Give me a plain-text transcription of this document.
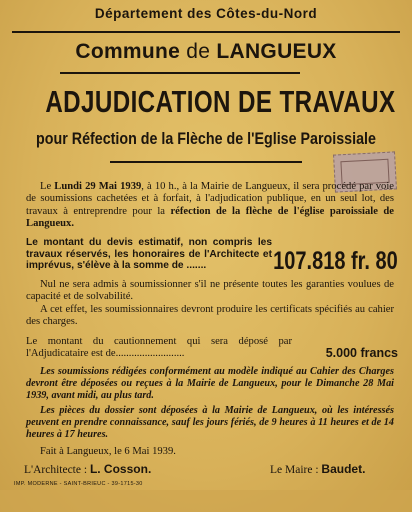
Département des Côtes-du-Nord
Commune de LANGUEUX
ADJUDICATION DE TRAVAUX
pour Réfection de la Flèche de l'Eglise Paroissiale
Le Lundi 29 Mai 1939, à 10 h., à la Mairie de Langueux, il sera procédé par voie de soumissions cachetées et à forfait, à l'adjudication publique, en un seul lot, des travaux à entreprendre pour la réfection de la flèche de l'église paroissiale de Langueux.
Le montant du devis estimatif, non compris les travaux réservés, les honoraires de l'Architecte et imprévus, s'élève à la somme de .......	107.818 fr. 80
Nul ne sera admis à soumissionner s'il ne présente toutes les garanties voulues de capacité et de solvabilité.
A cet effet, les soumissionnaires devront produire les certificats spécifiés au cahier des charges.
Le montant du cautionnement qui sera déposé par l'Adjudicataire est de..........................	5.000 francs
Les soumissions rédigées conformément au modèle indiqué au Cahier des Charges devront être déposées ou reçues à la Mairie de Langueux, pour le Dimanche 28 Mai 1939, avant midi, au plus tard.
Les pièces du dossier sont déposées à la Mairie de Langueux, où les intéressés peuvent en prendre connaissance, sauf les jours fériés, de 9 heures à 11 heures et de 14 heures à 17 heures.
Fait à Langueux, le 6 Mai 1939.
L'Architecte : L. Cosson.	Le Maire : Baudet.
IMP. MODERNE - SAINT-BRIEUC - 39-1715-30
